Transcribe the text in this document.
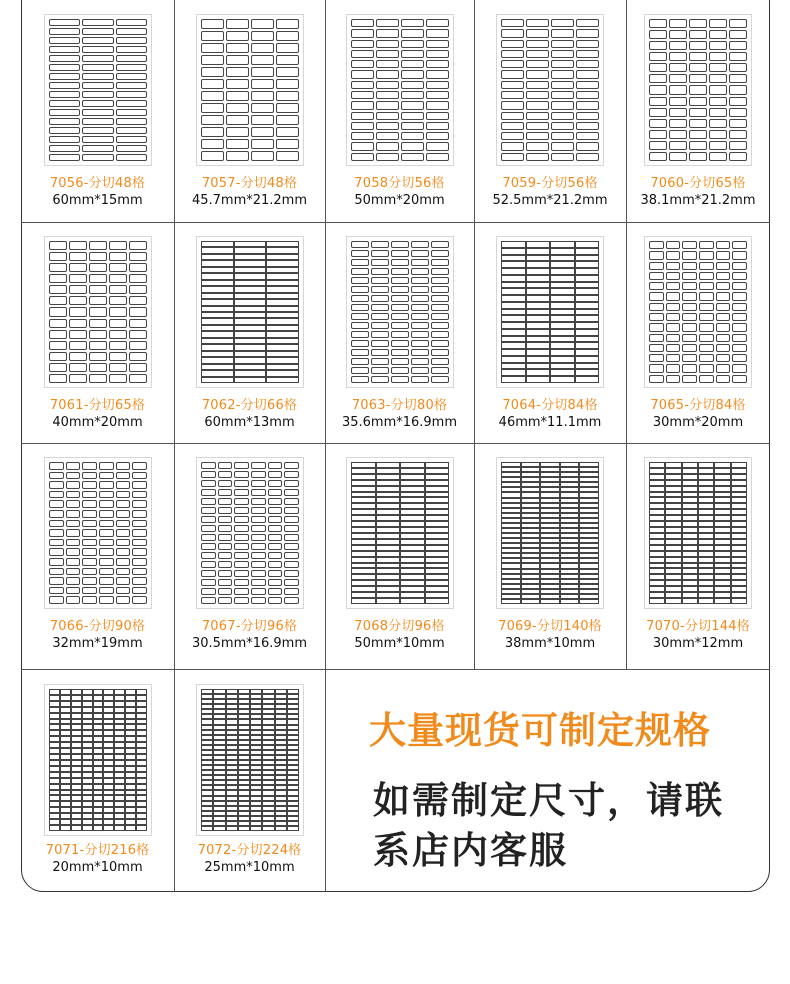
7056-分切48格
60mm*15mm
7057-分切48格
45.7mm*21.2mm
7058分切56格
50mm*20mm
7059-分切56格
52.5mm*21.2mm
7060-分切65格
38.1mm*21.2mm
7061-分切65格
40mm*20mm
7062-分切66格
60mm*13mm
7063-分切80格
35.6mm*16.9mm
7064-分切84格
46mm*11.1mm
7065-分切84格
30mm*20mm
7066-分切90格
32mm*19mm
7067-分切96格
30.5mm*16.9mm
7068分切96格
50mm*10mm
7069-分切140格
38mm*10mm
7070-分切144格
30mm*12mm
7071-分切216格
20mm*10mm
7072-分切224格
25mm*10mm
大量现货可制定规格
如需制定尺寸，请联
系店内客服
